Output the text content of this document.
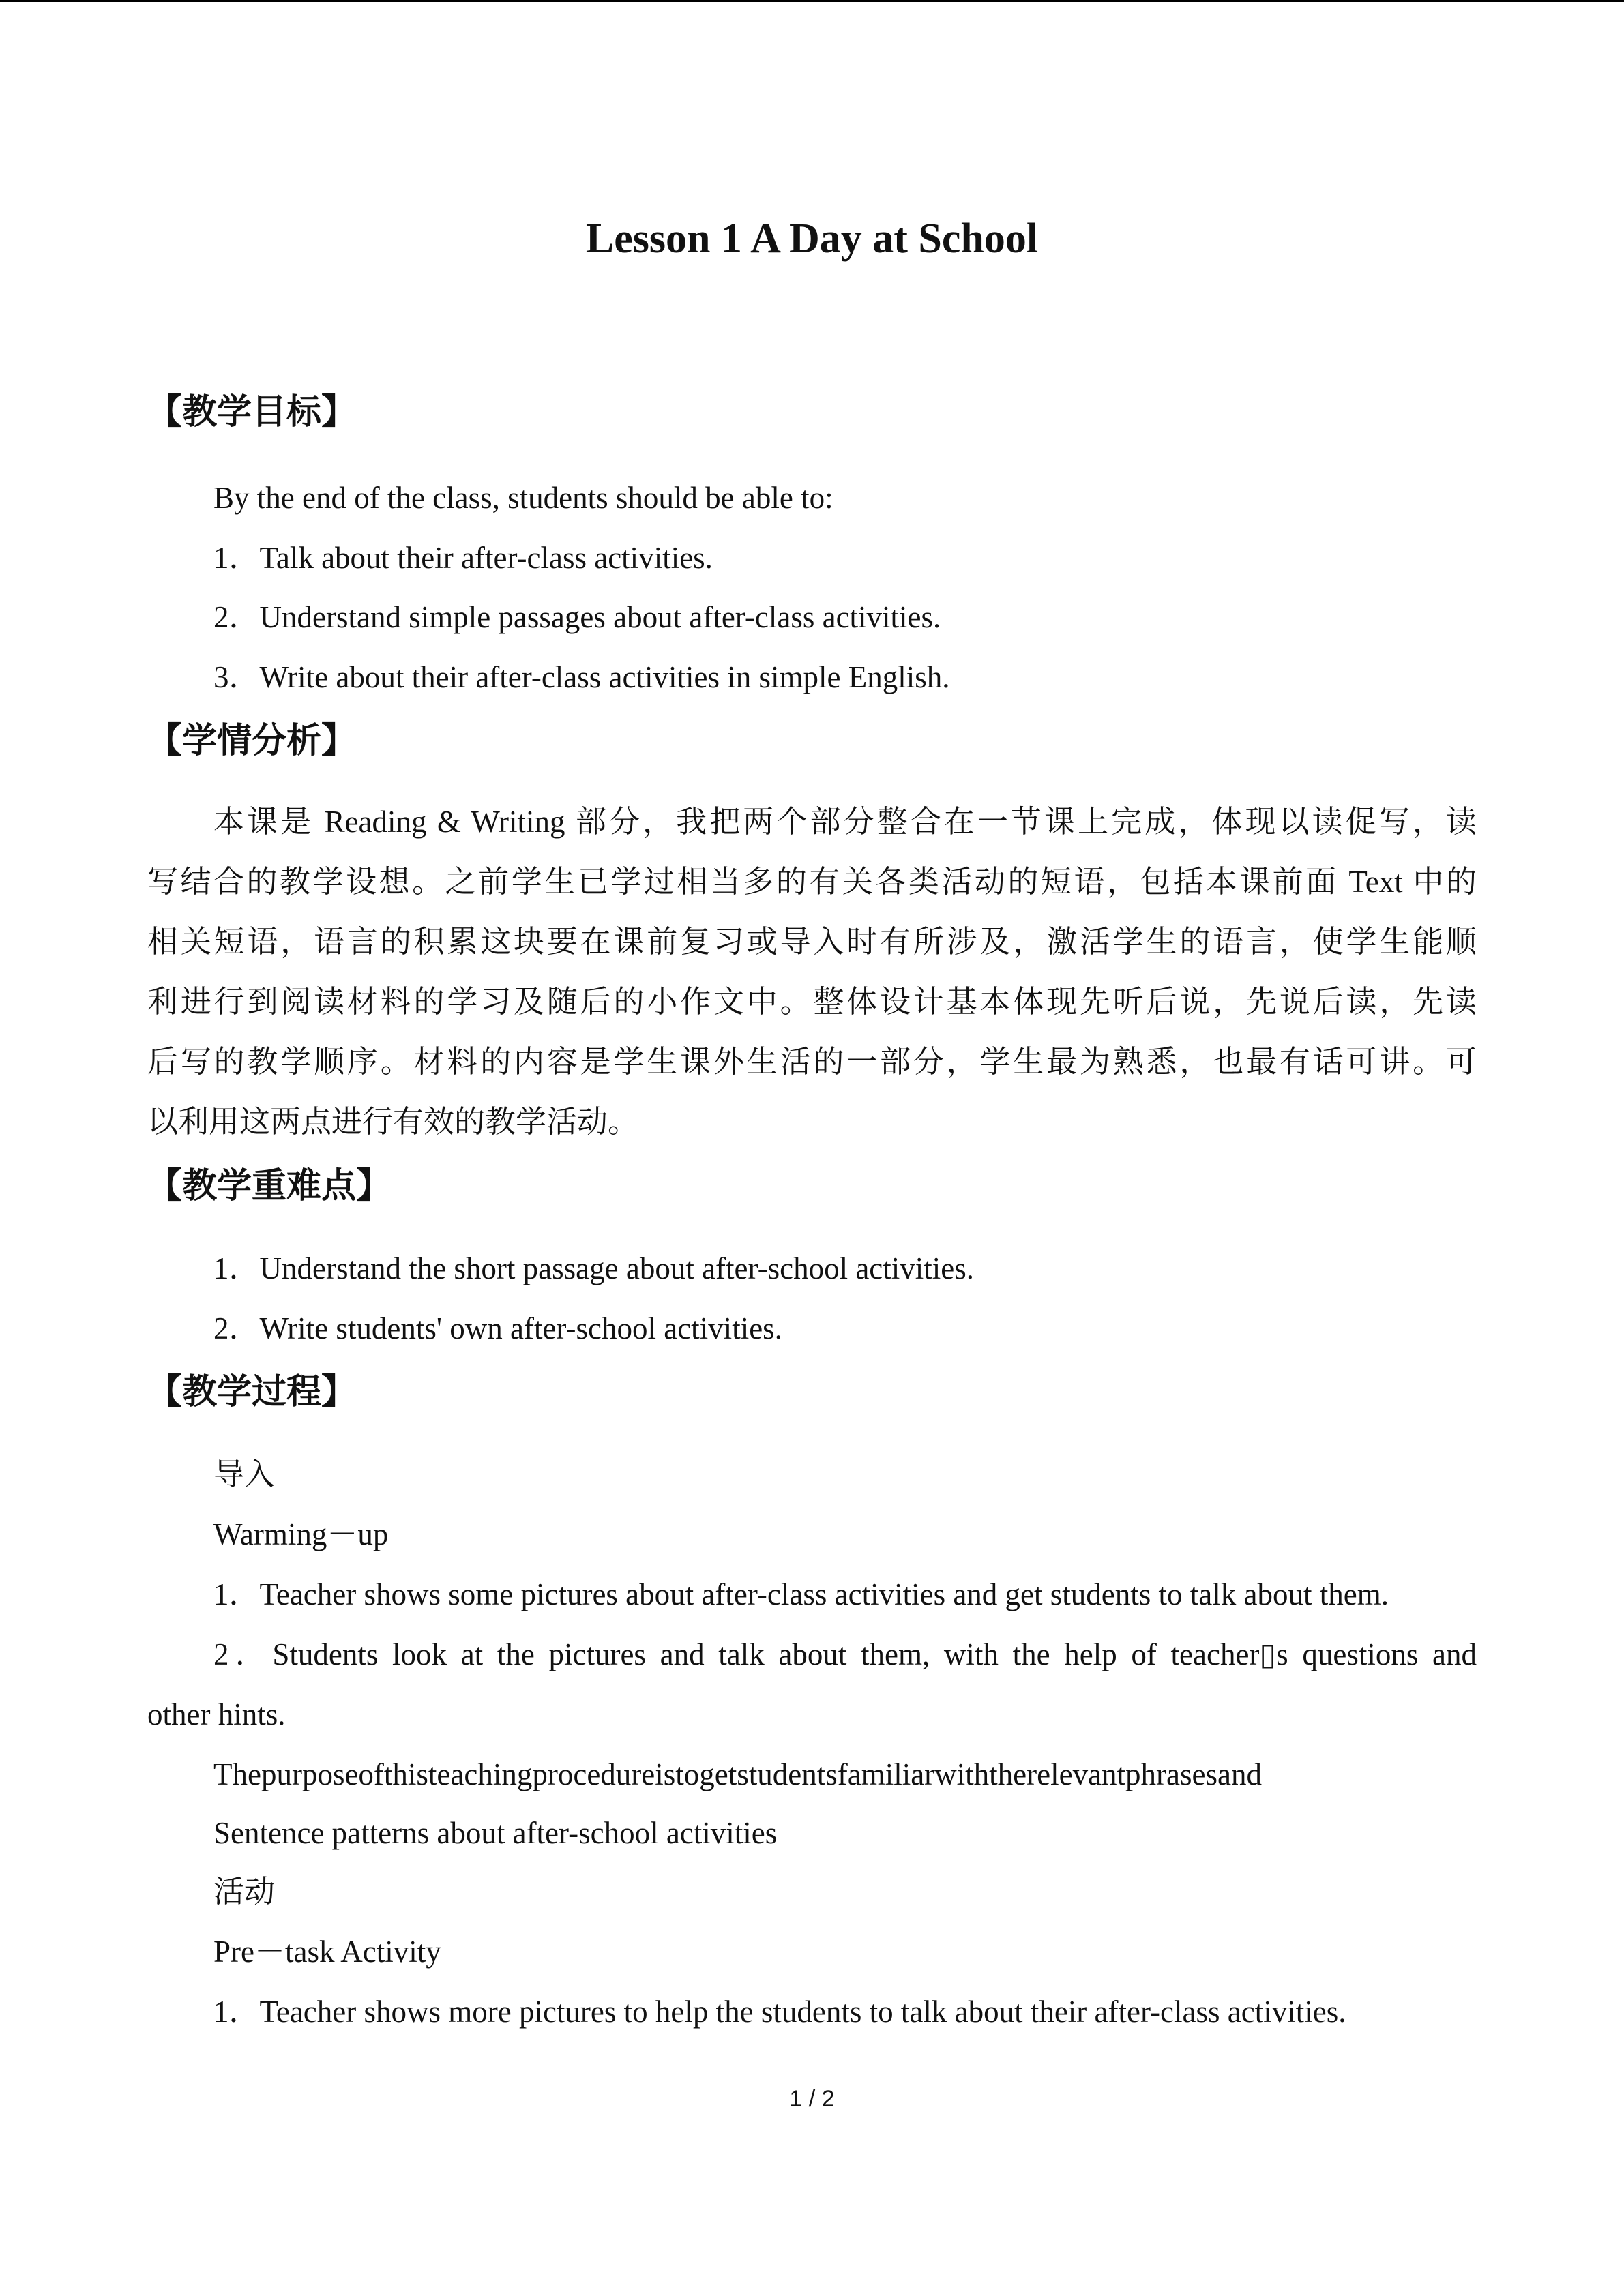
Lesson 1 A Day at School
【教学目标】
By the end of the class, students should be able to:
1．Talk about their after-class activities.
2．Understand simple passages about after-class activities.
3．Write about their after-class activities in simple English.
【学情分析】
本课是 Reading & Writing 部分，我把两个部分整合在一节课上完成，体现以读促写，读
写结合的教学设想。之前学生已学过相当多的有关各类活动的短语，包括本课前面 Text 中的
相关短语，语言的积累这块要在课前复习或导入时有所涉及，激活学生的语言，使学生能顺
利进行到阅读材料的学习及随后的小作文中。整体设计基本体现先听后说，先说后读，先读
后写的教学顺序。材料的内容是学生课外生活的一部分，学生最为熟悉，也最有话可讲。可
以利用这两点进行有效的教学活动。
【教学重难点】
1．Understand the short passage about after-school activities.
2．Write students' own after-school activities.
【教学过程】
导入
Warming－up
1．Teacher shows some pictures about after-class activities and get students to talk about them.
2．Students look at the pictures and talk about them, with the help of teacher▯s questions and
other hints.
Thepurposeofthisteachingprocedureistogetstudentsfamiliarwiththerelevantphrasesand
Sentence patterns about after-school activities
活动
Pre－task Activity
1．Teacher shows more pictures to help the students to talk about their after-class activities.
1 / 2
